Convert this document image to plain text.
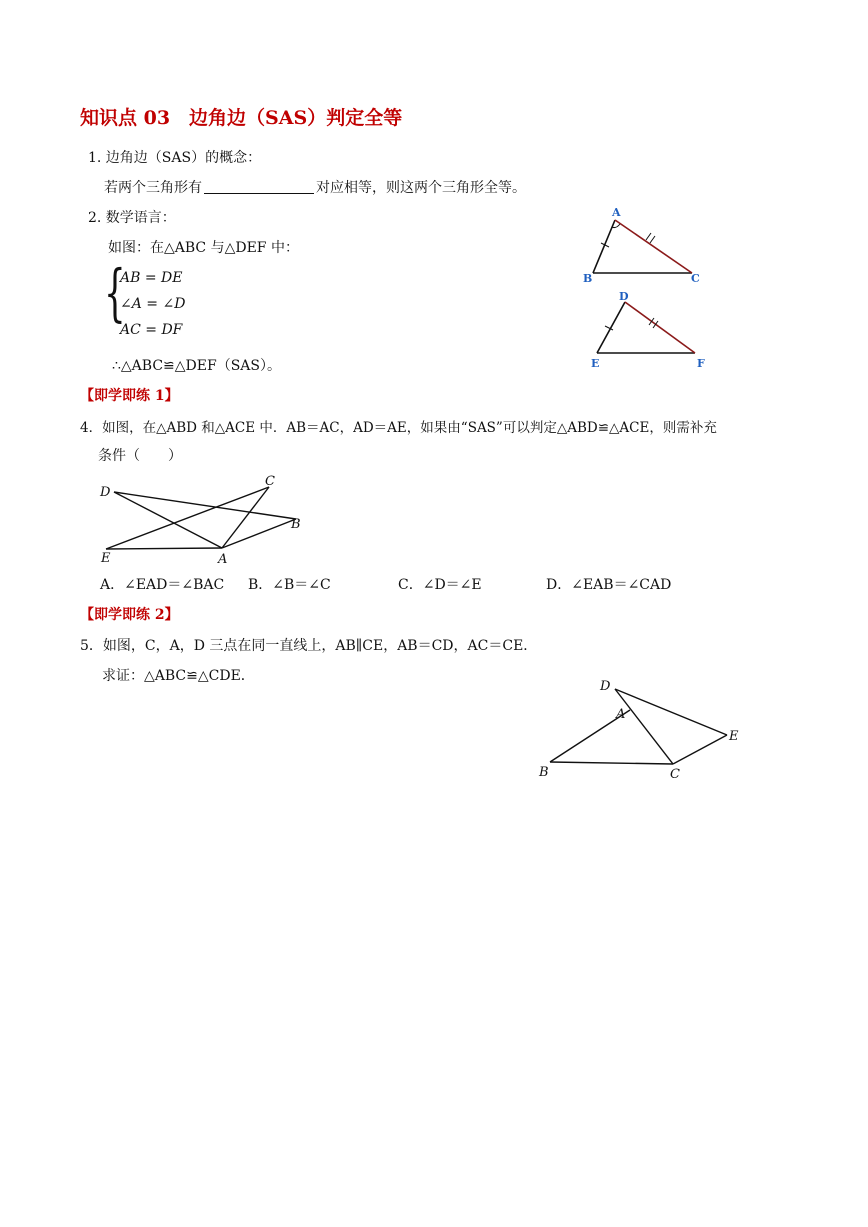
知识点 03　边角边（SAS）判定全等
1. 边角边（SAS）的概念：
若两个三角形有	对应相等，则这两个三角形全等。
2. 数学语言：
如图：在△ABC 与△DEF 中：
{
AB = DE
∠A = ∠D
AC = DF
∴△ABC≌△DEF（SAS）。
A
B	C
D
E	F
【即学即练 1】
4．如图，在△ABD 和△ACE 中．AB＝AC，AD＝AE，如果由“SAS”可以判定△ABD≌△ACE，则需补充
条件（　　）
D
C
B
E	A
A．∠EAD＝∠BAC B．∠B＝∠C	C．∠D＝∠E	D．∠EAB＝∠CAD
【即学即练 2】
5．如图，C，A，D 三点在同一直线上，AB∥CE，AB＝CD，AC＝CE．
求证：△ABC≌△CDE．
D
A
E
B	C
